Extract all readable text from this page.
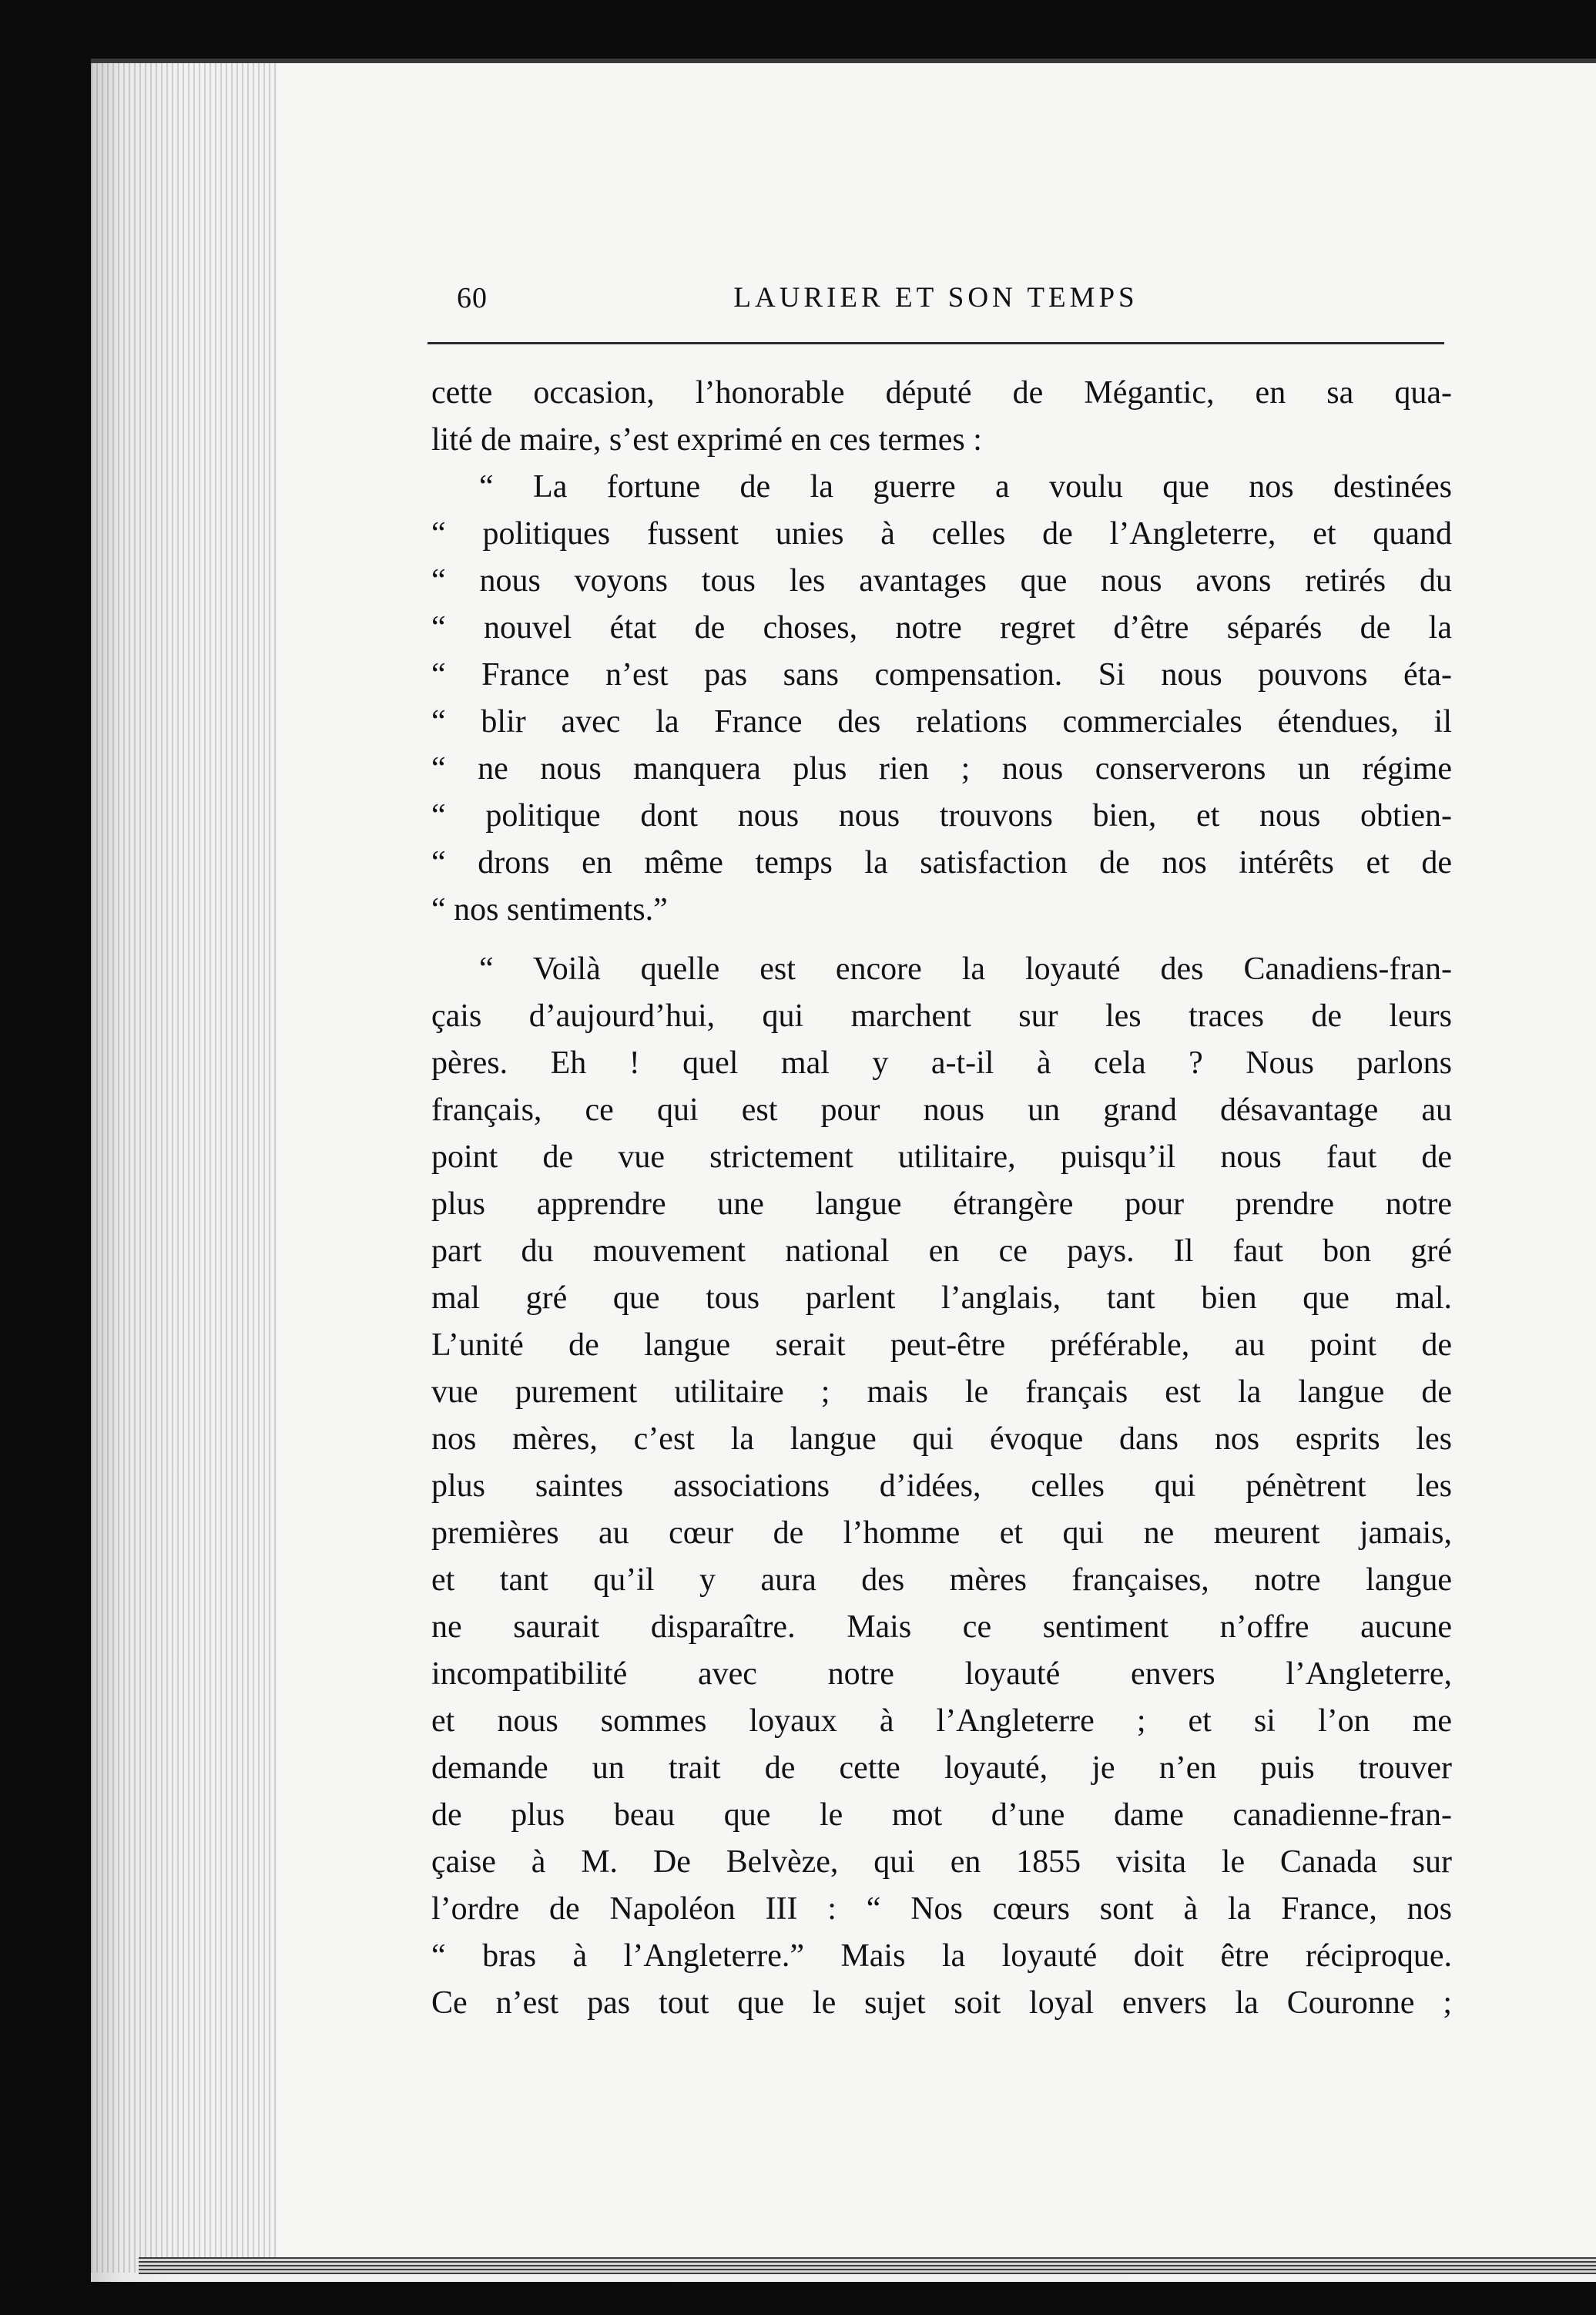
60	LAURIER ET SON TEMPS
cette occasion, l’honorable député de Mégantic, en sa qua-
lité de maire, s’est exprimé en ces termes :
“ La fortune de la guerre a voulu que nos destinées
“ politiques fussent unies à celles de l’Angleterre, et quand
“ nous voyons tous les avantages que nous avons retirés du
“ nouvel état de choses, notre regret d’être séparés de la
“ France n’est pas sans compensation. Si nous pouvons éta-
“ blir avec la France des relations commerciales étendues, il
“ ne nous manquera plus rien ; nous conserverons un régime
“ politique dont nous nous trouvons bien, et nous obtien-
“ drons en même temps la satisfaction de nos intérêts et de
“ nos sentiments.”
“ Voilà quelle est encore la loyauté des Canadiens-fran-
çais d’aujourd’hui, qui marchent sur les traces de leurs
pères. Eh ! quel mal y a-t-il à cela ? Nous parlons
français, ce qui est pour nous un grand désavantage au
point de vue strictement utilitaire, puisqu’il nous faut de
plus apprendre une langue étrangère pour prendre notre
part du mouvement national en ce pays. Il faut bon gré
mal gré que tous parlent l’anglais, tant bien que mal.
L’unité de langue serait peut-être préférable, au point de
vue purement utilitaire ; mais le français est la langue de
nos mères, c’est la langue qui évoque dans nos esprits les
plus saintes associations d’idées, celles qui pénètrent les
premières au cœur de l’homme et qui ne meurent jamais,
et tant qu’il y aura des mères françaises, notre langue
ne saurait disparaître. Mais ce sentiment n’offre aucune
incompatibilité avec notre loyauté envers l’Angleterre,
et nous sommes loyaux à l’Angleterre ; et si l’on me
demande un trait de cette loyauté, je n’en puis trouver
de plus beau que le mot d’une dame canadienne-fran-
çaise à M. De Belvèze, qui en 1855 visita le Canada sur
l’ordre de Napoléon III : “ Nos cœurs sont à la France, nos
“ bras à l’Angleterre.” Mais la loyauté doit être réciproque.
Ce n’est pas tout que le sujet soit loyal envers la Couronne ;
